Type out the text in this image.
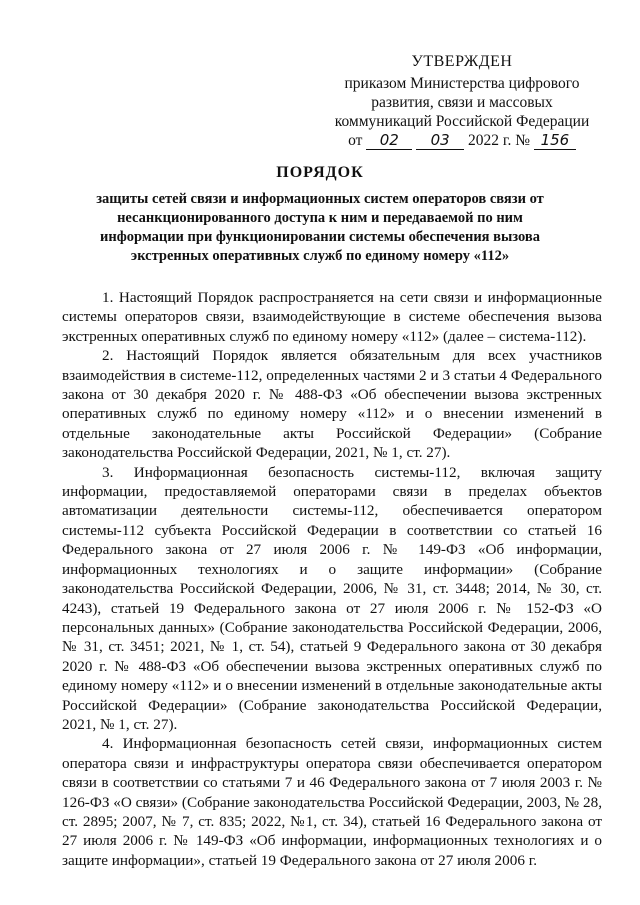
УТВЕРЖДЕН
приказом Министерства цифрового
развития, связи и массовых
коммуникаций Российской Федерации
от 02 03 2022 г. № 156
ПОРЯДОК
защиты сетей связи и информационных систем операторов связи от несанкционированного доступа к ним и передаваемой по ним информации при функционировании системы обеспечения вызова экстренных оперативных служб по единому номеру «112»

1. Настоящий Порядок распространяется на сети связи и информационные системы операторов связи, взаимодействующие в системе обеспечения вызова экстренных оперативных служб по единому номеру «112» (далее – система-112).

2. Настоящий Порядок является обязательным для всех участников взаимодействия в системе-112, определенных частями 2 и 3 статьи 4 Федерального закона от 30 декабря 2020 г. № 488-ФЗ «Об обеспечении вызова экстренных оперативных служб по единому номеру «112» и о внесении изменений в отдельные законодательные акты Российской Федерации» (Собрание законодательства Российской Федерации, 2021, № 1, ст. 27).

3. Информационная безопасность системы-112, включая защиту информации, предоставляемой операторами связи в пределах объектов автоматизации деятельности системы-112, обеспечивается оператором системы-112 субъекта Российской Федерации в соответствии со статьей 16 Федерального закона от 27 июля 2006 г. № 149-ФЗ «Об информации, информационных технологиях и о защите информации» (Собрание законодательства Российской Федерации, 2006, № 31, ст. 3448; 2014, № 30, ст. 4243), статьей 19 Федерального закона от 27 июля 2006 г. № 152-ФЗ «О персональных данных» (Собрание законодательства Российской Федерации, 2006, № 31, ст. 3451; 2021, № 1, ст. 54), статьей 9 Федерального закона от 30 декабря 2020 г. № 488-ФЗ «Об обеспечении вызова экстренных оперативных служб по единому номеру «112» и о внесении изменений в отдельные законодательные акты Российской Федерации» (Собрание законодательства Российской Федерации, 2021, № 1, ст. 27).

4. Информационная безопасность сетей связи, информационных систем оператора связи и инфраструктуры оператора связи обеспечивается оператором связи в соответствии со статьями 7 и 46 Федерального закона от 7 июля 2003 г. № 126-ФЗ «О связи» (Собрание законодательства Российской Федерации, 2003, № 28, ст. 2895; 2007, № 7, ст. 835; 2022, №1, ст. 34), статьей 16 Федерального закона от 27 июля 2006 г. № 149-ФЗ «Об информации, информационных технологиях и о защите информации», статьей 19 Федерального закона от 27 июля 2006 г.
